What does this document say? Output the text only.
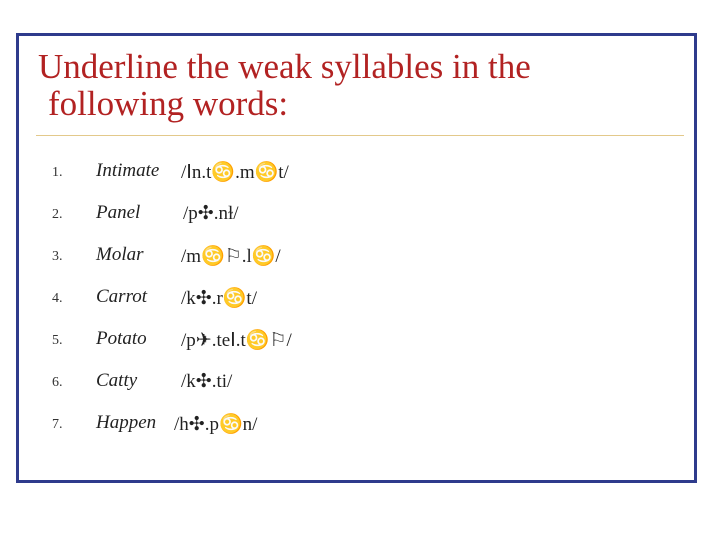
Underline the weak syllables in the
following words:
1.	Intimate /Ⅰn.t♋.m♋t/
2.	Panel /p✣.nɫ/
3.	Molar /m♋⚐.l♋/
4.	Carrot /k✣.r♋t/
5.	Potato /p✈.teⅠ.t♋⚐/
6.	Catty /k✣.ti/
7.	Happen /h✣.p♋n/
